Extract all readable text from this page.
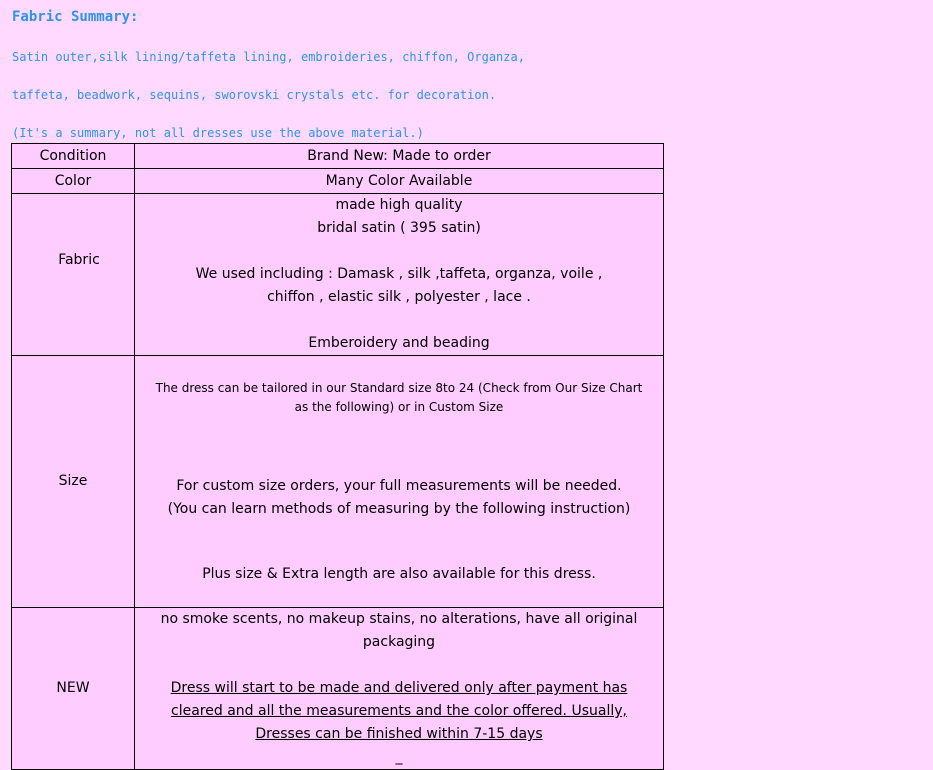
Fabric Summary:
Satin outer,silk lining/taffeta lining, embroideries, chiffon, Organza,
taffeta, beadwork, sequins, sworovski crystals etc. for decoration.
(It's a summary, not all dresses use the above material.)
Condition	Brand New: Made to order
Color	Many Color Available

Fabric	made high quality
bridal satin ( 395 satin)
We used including : Damask , silk ,taffeta, organza, voile ,
chiffon , elastic silk , polyester , lace .
Emberoidery and beading

Size	The dress can be tailored in our Standard size 8to 24 (Check from Our Size Chart as the following) or in Custom Size
For custom size orders, your full measurements will be needed.
(You can learn methods of measuring by the following instruction)
Plus size & Extra length are also available for this dress.

NEW	no smoke scents, no makeup stains, no alterations, have all original packaging
Dress will start to be made and delivered only after payment has cleared and all the measurements and the color offered. Usually, Dresses can be finished within 7-15 days
_
